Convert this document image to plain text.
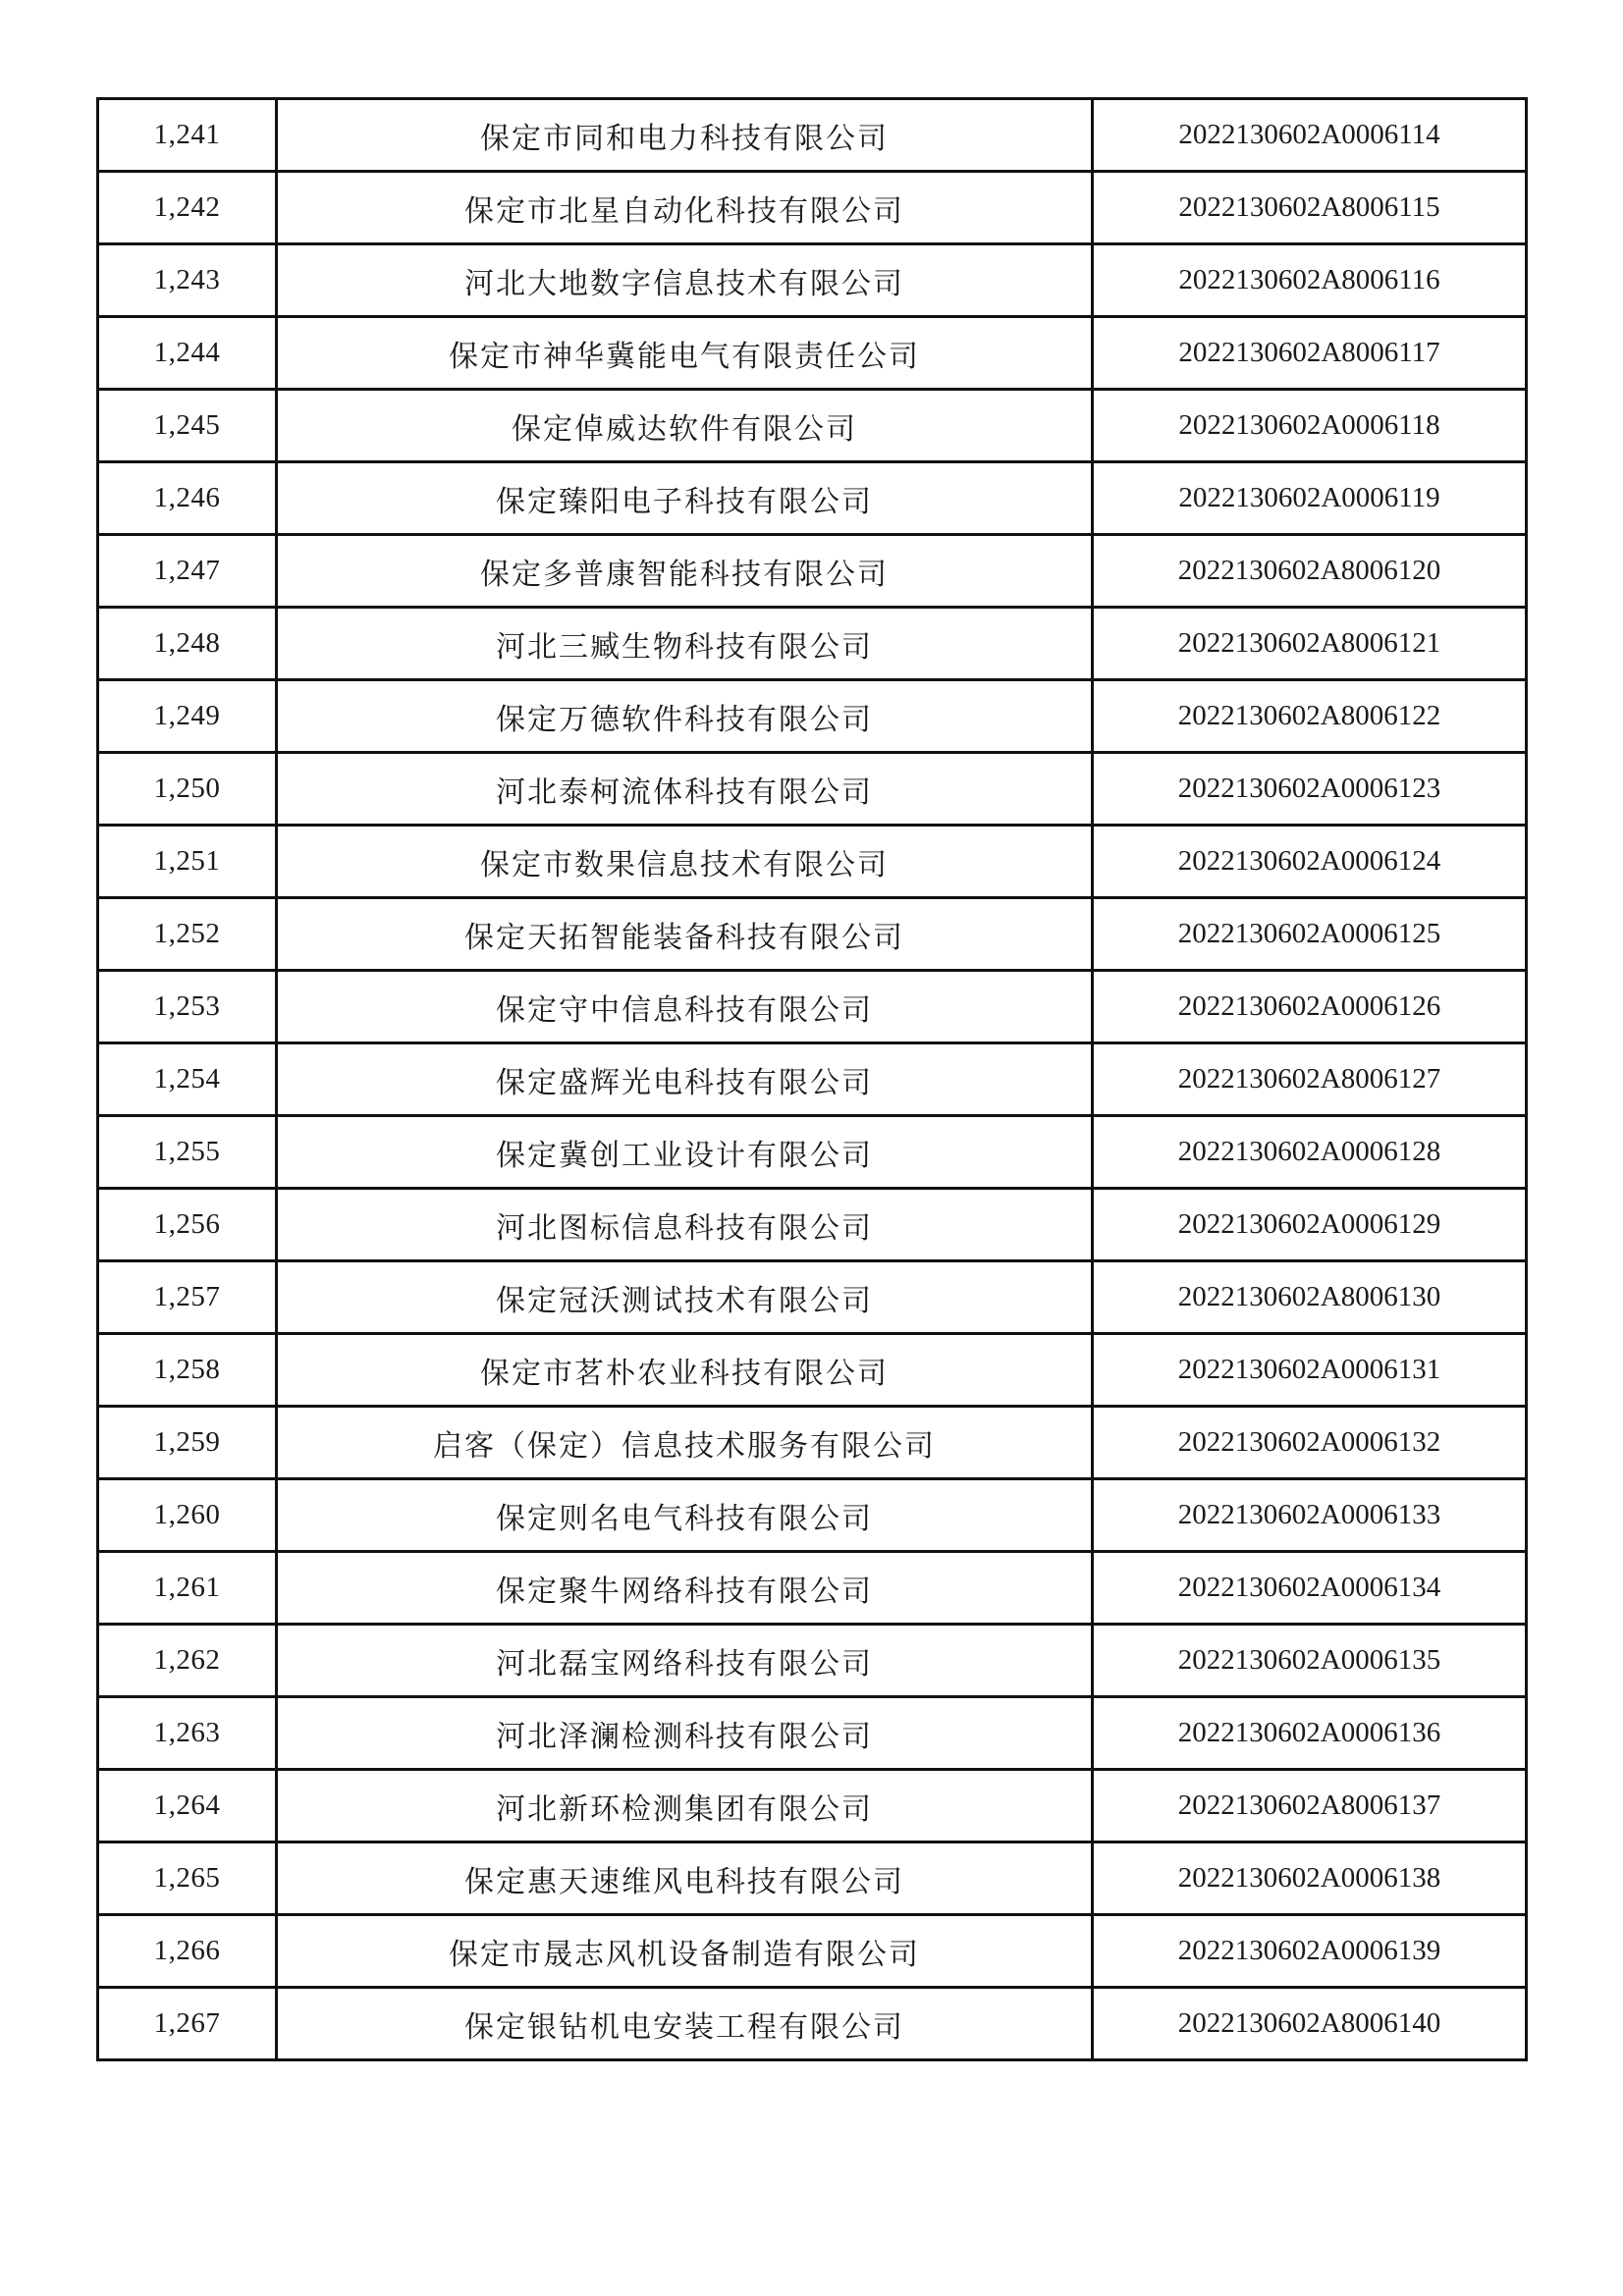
1,241	保定市同和电力科技有限公司	2022130602A0006114
1,242	保定市北星自动化科技有限公司	2022130602A8006115
1,243	河北大地数字信息技术有限公司	2022130602A8006116
1,244	保定市神华冀能电气有限责任公司	2022130602A8006117
1,245	保定倬威达软件有限公司	2022130602A0006118
1,246	保定臻阳电子科技有限公司	2022130602A0006119
1,247	保定多普康智能科技有限公司	2022130602A8006120
1,248	河北三臧生物科技有限公司	2022130602A8006121
1,249	保定万德软件科技有限公司	2022130602A8006122
1,250	河北泰柯流体科技有限公司	2022130602A0006123
1,251	保定市数果信息技术有限公司	2022130602A0006124
1,252	保定天拓智能装备科技有限公司	2022130602A0006125
1,253	保定守中信息科技有限公司	2022130602A0006126
1,254	保定盛辉光电科技有限公司	2022130602A8006127
1,255	保定冀创工业设计有限公司	2022130602A0006128
1,256	河北图标信息科技有限公司	2022130602A0006129
1,257	保定冠沃测试技术有限公司	2022130602A8006130
1,258	保定市茗朴农业科技有限公司	2022130602A0006131
1,259	启客（保定）信息技术服务有限公司	2022130602A0006132
1,260	保定则名电气科技有限公司	2022130602A0006133
1,261	保定聚牛网络科技有限公司	2022130602A0006134
1,262	河北磊宝网络科技有限公司	2022130602A0006135
1,263	河北泽澜检测科技有限公司	2022130602A0006136
1,264	河北新环检测集团有限公司	2022130602A8006137
1,265	保定惠天速维风电科技有限公司	2022130602A0006138
1,266	保定市晟志风机设备制造有限公司	2022130602A0006139
1,267	保定银钻机电安装工程有限公司	2022130602A8006140
